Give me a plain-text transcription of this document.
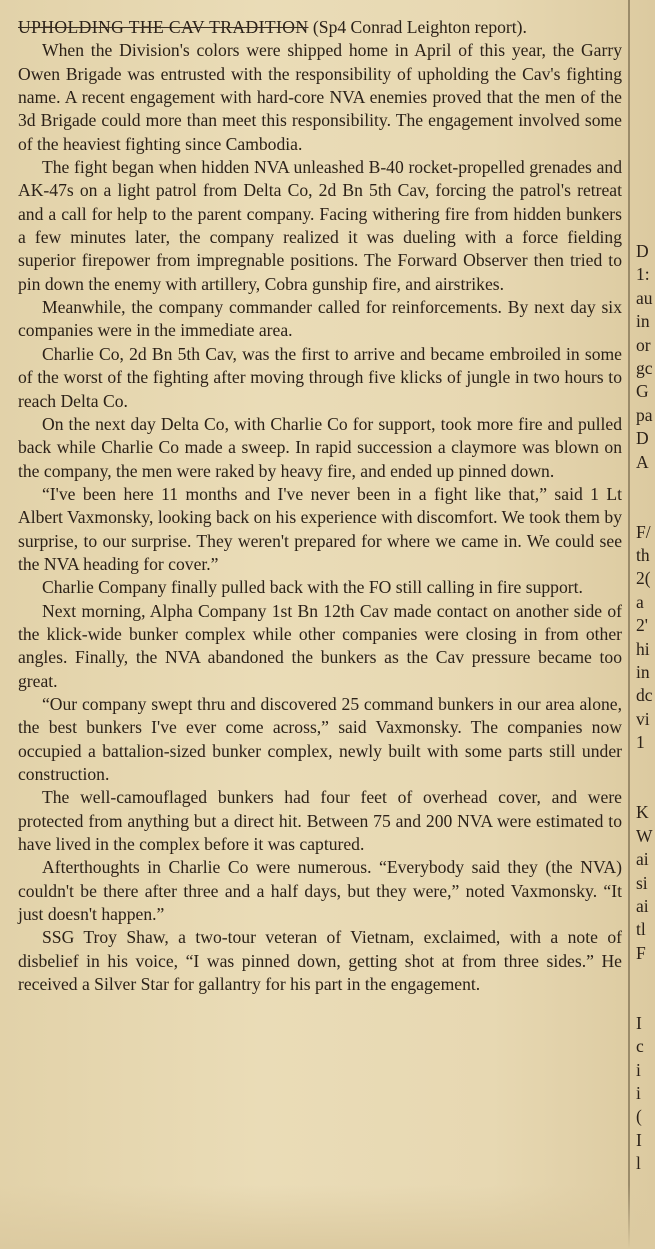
UPHOLDING THE CAV TRADITION (Sp4 Conrad Leighton report).

When the Division's colors were shipped home in April of this year, the Garry Owen Brigade was entrusted with the responsibility of upholding the Cav's fighting name. A recent engagement with hard-core NVA enemies proved that the men of the 3d Brigade could more than meet this responsibility. The engagement involved some of the heaviest fighting since Cambodia.

The fight began when hidden NVA unleashed B-40 rocket-propelled grenades and AK-47s on a light patrol from Delta Co, 2d Bn 5th Cav, forcing the patrol's retreat and a call for help to the parent company. Facing withering fire from hidden bunkers a few minutes later, the company realized it was dueling with a force fielding superior firepower from impregnable positions. The Forward Observer then tried to pin down the enemy with artillery, Cobra gunship fire, and airstrikes.

Meanwhile, the company commander called for reinforcements. By next day six companies were in the immediate area.

Charlie Co, 2d Bn 5th Cav, was the first to arrive and became embroiled in some of the worst of the fighting after moving through five klicks of jungle in two hours to reach Delta Co.

On the next day Delta Co, with Charlie Co for support, took more fire and pulled back while Charlie Co made a sweep. In rapid succession a claymore was blown on the company, the men were raked by heavy fire, and ended up pinned down.

“I've been here 11 months and I've never been in a fight like that,” said 1 Lt Albert Vaxmonsky, looking back on his experience with discomfort. We took them by surprise, to our surprise. They weren't prepared for where we came in. We could see the NVA heading for cover.”

Charlie Company finally pulled back with the FO still calling in fire support.

Next morning, Alpha Company 1st Bn 12th Cav made contact on another side of the klick-wide bunker complex while other companies were closing in from other angles. Finally, the NVA abandoned the bunkers as the Cav pressure became too great.

“Our company swept thru and discovered 25 command bunkers in our area alone, the best bunkers I've ever come across,” said Vaxmonsky. The companies now occupied a battalion-sized bunker complex, newly built with some parts still under construction.

The well-camouflaged bunkers had four feet of overhead cover, and were protected from anything but a direct hit. Between 75 and 200 NVA were estimated to have lived in the complex before it was captured.

Afterthoughts in Charlie Co were numerous. “Everybody said they (the NVA) couldn't be there after three and a half days, but they were,” noted Vaxmonsky. “It just doesn't happen.”

SSG Troy Shaw, a two-tour veteran of Vietnam, exclaimed, with a note of disbelief in his voice, “I was pinned down, getting shot at from three sides.” He received a Silver Star for gallantry for his part in the engagement.

D
1:
au
in
or
gc
G
pa
D
A
F/
th
2(
a
2'
hi
in
dc
vi
1
K
W
ai
si
ai
tl
F
I
c
i
i
(
I
l
